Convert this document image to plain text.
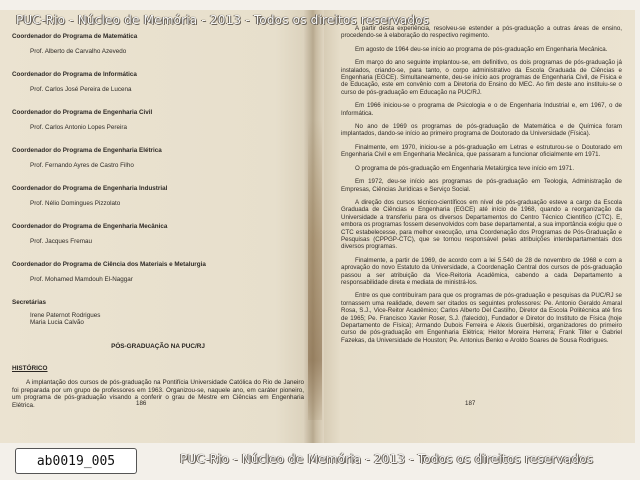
Coordenador do Programa de Matemática
Prof. Alberto de Carvalho Azevedo
Coordenador do Programa de Informática
Prof. Carlos José Pereira de Lucena
Coordenador do Programa de Engenharia Civil
Prof. Carlos Antonio Lopes Pereira
Coordenador do Programa de Engenharia Elétrica
Prof. Fernando Ayres de Castro Filho
Coordenador do Programa de Engenharia Industrial
Prof. Nélio Domingues Pizzolato
Coordenador do Programa de Engenharia Mecânica
Prof. Jacques Fremau
Coordenador do Programa de Ciência dos Materiais e Metalurgia
Prof. Mohamed Mamdouh El-Naggar
Secretárias
Irene Paternot Rodrigues
Maria Lucia Calvão
PÓS-GRADUAÇÃO NA PUC/RJ
HISTÓRICO
A implantação dos cursos de pós-graduação na Pontifícia Universidade Católica do Rio de Janeiro foi preparada por um grupo de professores em 1963. Organizou-se, naquele ano, em caráter pioneiro, um programa de pós-graduação visando a conferir o grau de Mestre em Ciências em Engenharia Elétrica.	186

A partir desta experiência, resolveu-se estender a pós-graduação a outras áreas de ensino, procedendo-se à elaboração do respectivo regimento.

Em agosto de 1964 deu-se início ao programa de pós-graduação em Engenharia Mecânica.

Em março do ano seguinte implantou-se, em definitivo, os dois programas de pós-graduação já instalados, criando-se, para tanto, o corpo administrativo da Escola Graduada de Ciências e Engenharia (EGCE). Simultaneamente, deu-se início aos programas de Engenharia Civil, de Física e de Educação, este em convênio com a Diretoria do Ensino do MEC. Ao fim deste ano instituiu-se o curso de pós-graduação em Educação na PUC/RJ.

Em 1966 iniciou-se o programa de Psicologia e o de Engenharia Industrial e, em 1967, o de Informática.

No ano de 1969 os programas de pós-graduação de Matemática e de Química foram implantados, dando-se início ao primeiro programa de Doutorado da Universidade (Física).

Finalmente, em 1970, iniciou-se a pós-graduação em Letras e estruturou-se o Doutorado em Engenharia Civil e em Engenharia Mecânica, que passaram a funcionar oficialmente em 1971.

O programa de pós-graduação em Engenharia Metalúrgica teve início em 1971.

Em 1972, deu-se início aos programas de pós-graduação em Teologia, Administração de Empresas, Ciências Jurídicas e Serviço Social.

A direção dos cursos técnico-científicos em nível de pós-graduação esteve a cargo da Escola Graduada de Ciências e Engenharia (EGCE) até início de 1968, quando a reorganização da Universidade a transferiu para os diversos Departamentos do Centro Técnico Científico (CTC). E, embora os programas fossem desenvolvidos com base departamental, a sua importância exigiu que o CTC estabelecesse, para melhor execução, uma Coordenação dos Programas de Pós-Graduação e Pesquisas (CPPGP-CTC), que se tornou responsável pelas atribuições interdepartamentais dos diversos programas.

Finalmente, a partir de 1969, de acordo com a lei 5.540 de 28 de novembro de 1968 e com a aprovação do novo Estatuto da Universidade, a Coordenação Central dos cursos de pós-graduação passou a ser atribuição da Vice-Reitoria Acadêmica, cabendo a cada Departamento a responsabilidade direta e mediata de ministrá-los.

Entre os que contribuíram para que os programas de pós-graduação e pesquisas da PUC/RJ se tornassem uma realidade, devem ser citados os seguintes professores: Pe. Antonio Geraldo Amaral Rosa, S.J., Vice-Reitor Acadêmico; Carlos Alberto Del Castilho, Diretor da Escola Politécnica até fins de 1965; Pe. Francisco Xavier Roser, S.J. (falecido), Fundador e Diretor do Instituto de Física (hoje Departamento de Física); Armando Dubois Ferreira e Alexis Guerbilski, organizadores do primeiro curso de pós-graduação em Engenharia Elétrica; Heitor Moreira Herrera; Frank Tiller e Gabriel Fazekas, da Universidade de Houston; Pe. Antonius Benko e Aroldo Soares de Sousa Rodrigues.

187
PUC-Rio - Núcleo de Memória - 2013 - Todos os direitos reservados
PUC-Rio - Núcleo de Memória - 2013 - Todos os direitos reservados
ab0019_005
